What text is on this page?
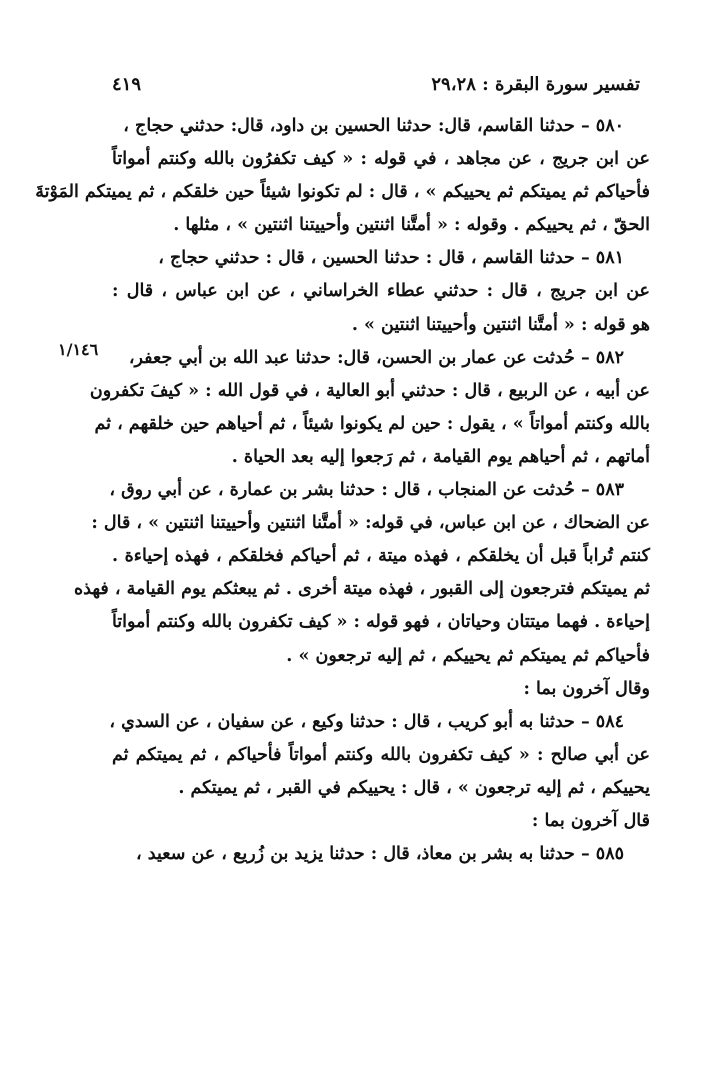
تفسير سورة البقرة : ٢٩،٢٨
٤١٩
١/١٤٦
٥٨٠ – حدثنا القاسم، قال: حدثنا الحسين بن داود، قال: حدثني حجاج ،
عن ابن جريج ، عن مجاهد ، في قوله : « كيف تكفرُون بالله وكنتم أمواتاً
فأحياكم ثم يميتكم ثم يحييكم » ، قال : لم تكونوا شيئاً حين خلقكم ، ثم يميتكم المَوْتةَ
الحقّ ، ثم يحييكم . وقوله : « أمتَّنا اثنتين وأحييتنا اثنتين » ، مثلها .
٥٨١ – حدثنا القاسم ، قال : حدثنا الحسين ، قال : حدثني حجاج ،
عن ابن جريج ، قال : حدثني عطاء الخراساني ، عن ابن عباس ، قال :
هو قوله : « أمتَّنا اثنتين وأحييتنا اثنتين » .
٥٨٢ – حُدثت عن عمار بن الحسن، قال: حدثنا عبد الله بن أبي جعفر،
عن أبيه ، عن الربيع ، قال : حدثني أبو العالية ، في قول الله : « كيفَ تكفرون
بالله وكنتم أمواتاً » ، يقول : حين لم يكونوا شيئاً ، ثم أحياهم حين خلقهم ، ثم
أماتهم ، ثم أحياهم يوم القيامة ، ثم رَجعوا إليه بعد الحياة .
٥٨٣ – حُدثت عن المنجاب ، قال : حدثنا بشر بن عمارة ، عن أبي روق ،
عن الضحاك ، عن ابن عباس، في قوله: « أمتَّنا اثنتين وأحييتنا اثنتين » ، قال :
كنتم تُراباً قبل أن يخلقكم ، فهذه ميتة ، ثم أحياكم فخلقكم ، فهذه إحياءة .
ثم يميتكم فترجعون إلى القبور ، فهذه ميتة أخرى . ثم يبعثكم يوم القيامة ، فهذه
إحياءة . فهما ميتتان وحياتان ، فهو قوله : « كيف تكفرون بالله وكنتم أمواتاً
فأحياكم ثم يميتكم ثم يحييكم ، ثم إليه ترجعون » .
وقال آخرون بما :
٥٨٤ – حدثنا به أبو كريب ، قال : حدثنا وكيع ، عن سفيان ، عن السدي ،
عن أبي صالح : « كيف تكفرون بالله وكنتم أمواتاً فأحياكم ، ثم يميتكم ثم
يحييكم ، ثم إليه ترجعون » ، قال : يحييكم في القبر ، ثم يميتكم .
قال آخرون بما :
٥٨٥ – حدثنا به بشر بن معاذ، قال : حدثنا يزيد بن زُريع ، عن سعيد ،
